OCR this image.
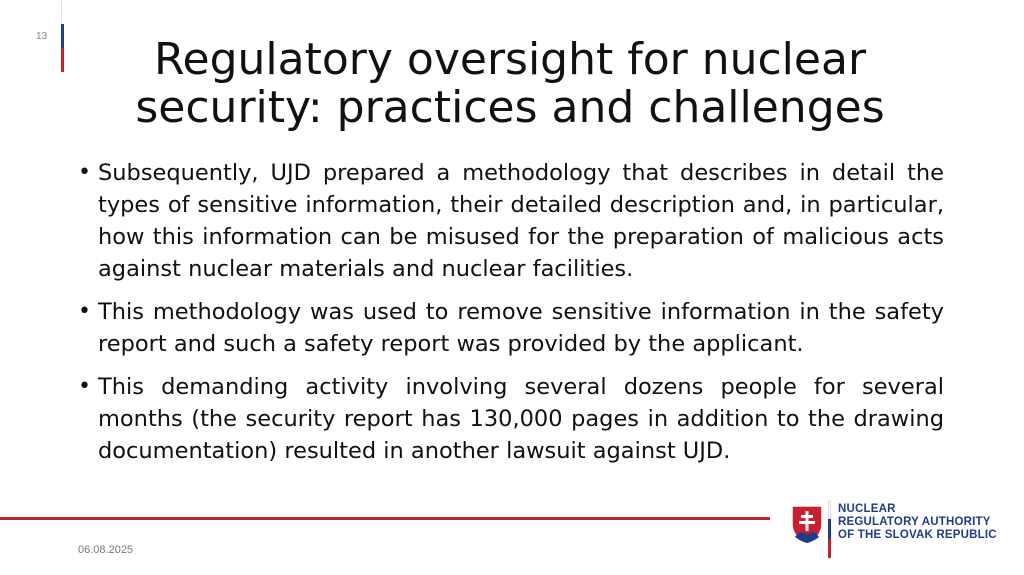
13	Regulatory oversight for nuclear
security: practices and challenges
• Subsequently, UJD prepared a methodology that describes in detail the types of sensitive information, their detailed description and, in particular, how this information can be misused for the preparation of malicious acts against nuclear materials and nuclear facilities.
• This methodology was used to remove sensitive information in the safety report and such a safety report was provided by the applicant.
• This demanding activity involving several dozens people for several months (the security report has 130,000 pages in addition to the drawing documentation) resulted in another lawsuit against UJD.
06.08.2025
NUCLEAR
REGULATORY AUTHORITY
OF THE SLOVAK REPUBLIC
